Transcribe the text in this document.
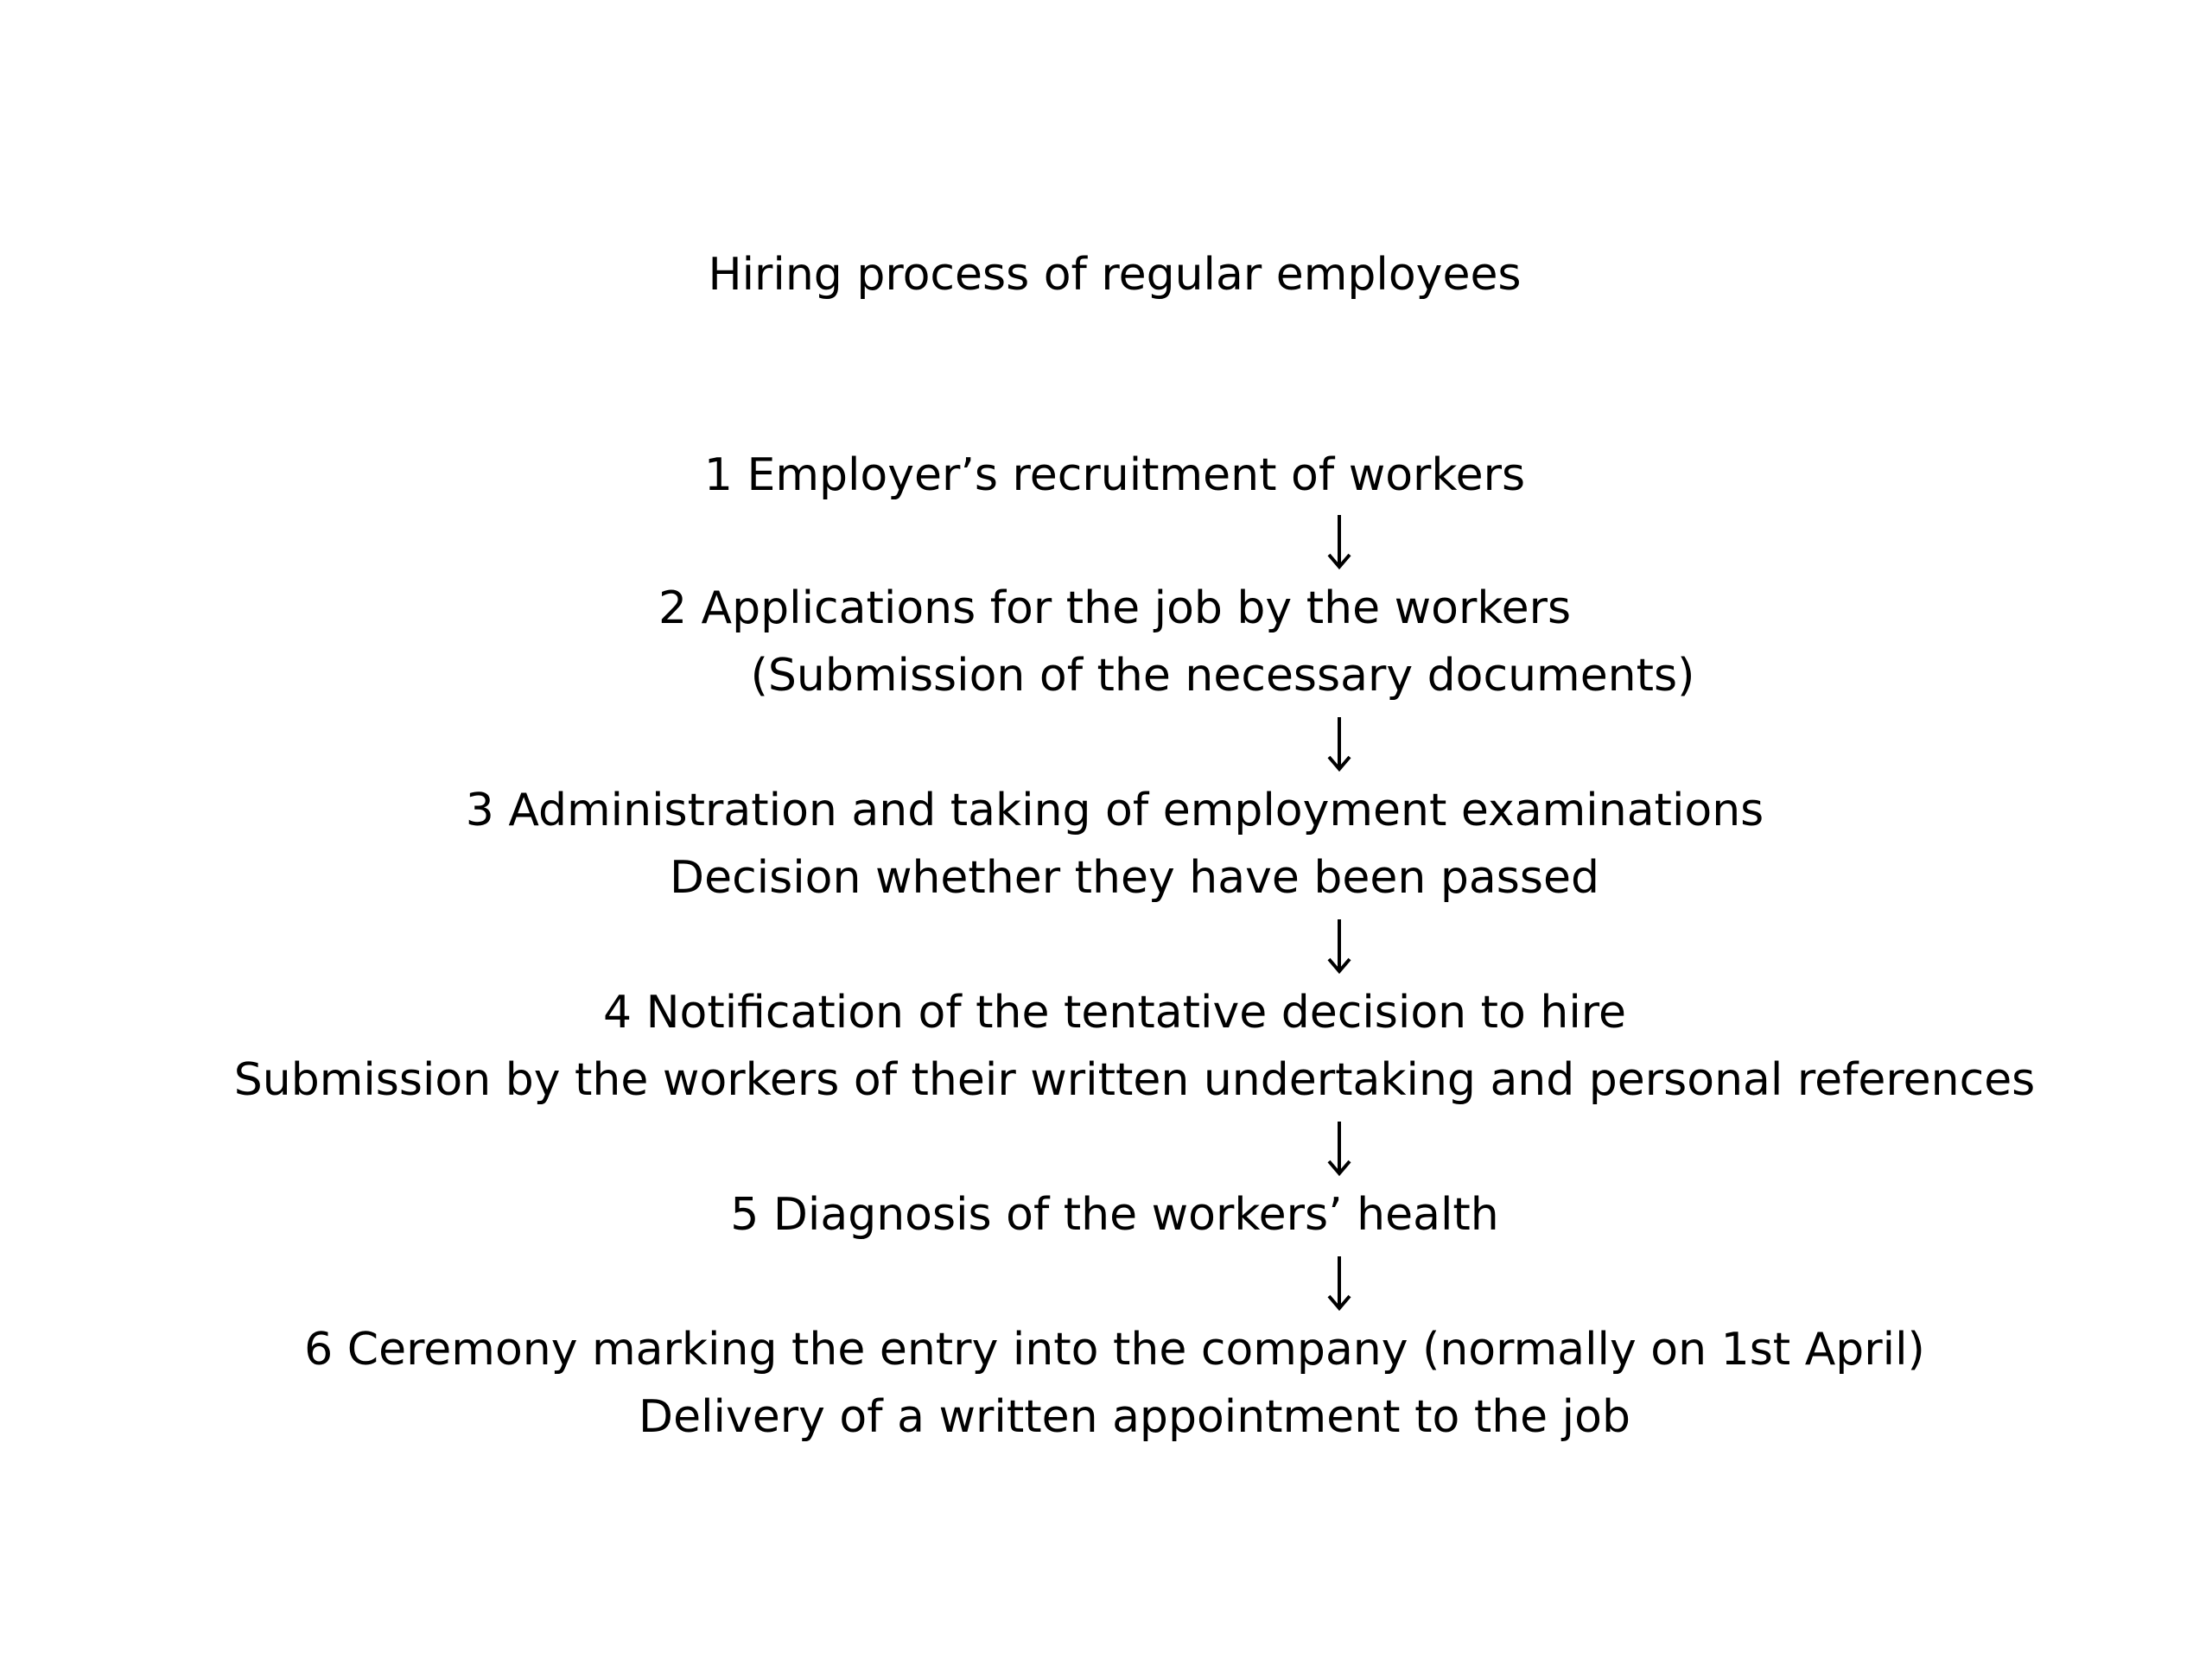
Hiring process of regular employees
1 Employer’s recruitment of workers
2 Applications for the job by the workers
(Submission of the necessary documents)
3 Administration and taking of employment examinations
Decision whether they have been passed
4 Notification of the tentative decision to hire
Submission by the workers of their written undertaking and personal references
5 Diagnosis of the workers’ health
6 Ceremony marking the entry into the company (normally on 1st April)
Delivery of a written appointment to the job
